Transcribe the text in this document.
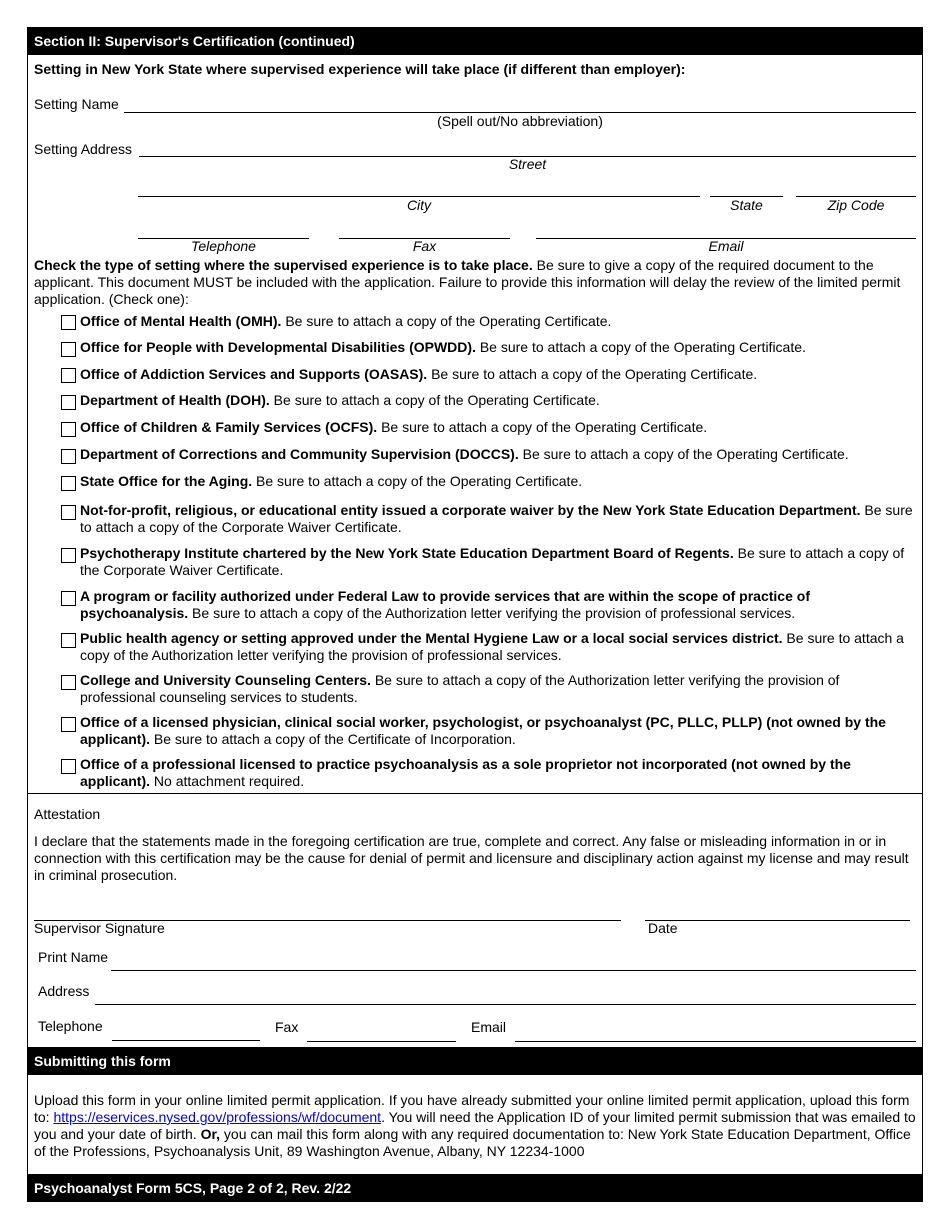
Section II: Supervisor's Certification (continued)
Setting in New York State where supervised experience will take place (if different than employer):
Setting Name
(Spell out/No abbreviation)
Setting Address
Street
City	State	Zip Code
Telephone	Fax	Email
Check the type of setting where the supervised experience is to take place. Be sure to give a copy of the required document to the applicant. This document MUST be included with the application. Failure to provide this information will delay the review of the limited permit application. (Check one):
Office of Mental Health (OMH). Be sure to attach a copy of the Operating Certificate.
Office for People with Developmental Disabilities (OPWDD). Be sure to attach a copy of the Operating Certificate.
Office of Addiction Services and Supports (OASAS). Be sure to attach a copy of the Operating Certificate.
Department of Health (DOH). Be sure to attach a copy of the Operating Certificate.
Office of Children & Family Services (OCFS). Be sure to attach a copy of the Operating Certificate.
Department of Corrections and Community Supervision (DOCCS). Be sure to attach a copy of the Operating Certificate.
State Office for the Aging. Be sure to attach a copy of the Operating Certificate.
Not-for-profit, religious, or educational entity issued a corporate waiver by the New York State Education Department. Be sure to attach a copy of the Corporate Waiver Certificate.
Psychotherapy Institute chartered by the New York State Education Department Board of Regents. Be sure to attach a copy of the Corporate Waiver Certificate.
A program or facility authorized under Federal Law to provide services that are within the scope of practice of psychoanalysis. Be sure to attach a copy of the Authorization letter verifying the provision of professional services.
Public health agency or setting approved under the Mental Hygiene Law or a local social services district. Be sure to attach a copy of the Authorization letter verifying the provision of professional services.
College and University Counseling Centers. Be sure to attach a copy of the Authorization letter verifying the provision of professional counseling services to students.
Office of a licensed physician, clinical social worker, psychologist, or psychoanalyst (PC, PLLC, PLLP) (not owned by the applicant). Be sure to attach a copy of the Certificate of Incorporation.
Office of a professional licensed to practice psychoanalysis as a sole proprietor not incorporated (not owned by the applicant). No attachment required.
Attestation
I declare that the statements made in the foregoing certification are true, complete and correct. Any false or misleading information in or in connection with this certification may be the cause for denial of permit and licensure and disciplinary action against my license and may result in criminal prosecution.
Supervisor Signature	Date
Print Name
Address
Telephone	Fax	Email
Submitting this form
Upload this form in your online limited permit application. If you have already submitted your online limited permit application, upload this form to: https://eservices.nysed.gov/professions/wf/document. You will need the Application ID of your limited permit submission that was emailed to you and your date of birth. Or, you can mail this form along with any required documentation to: New York State Education Department, Office of the Professions, Psychoanalysis Unit, 89 Washington Avenue, Albany, NY 12234-1000
Psychoanalyst Form 5CS, Page 2 of 2, Rev. 2/22
